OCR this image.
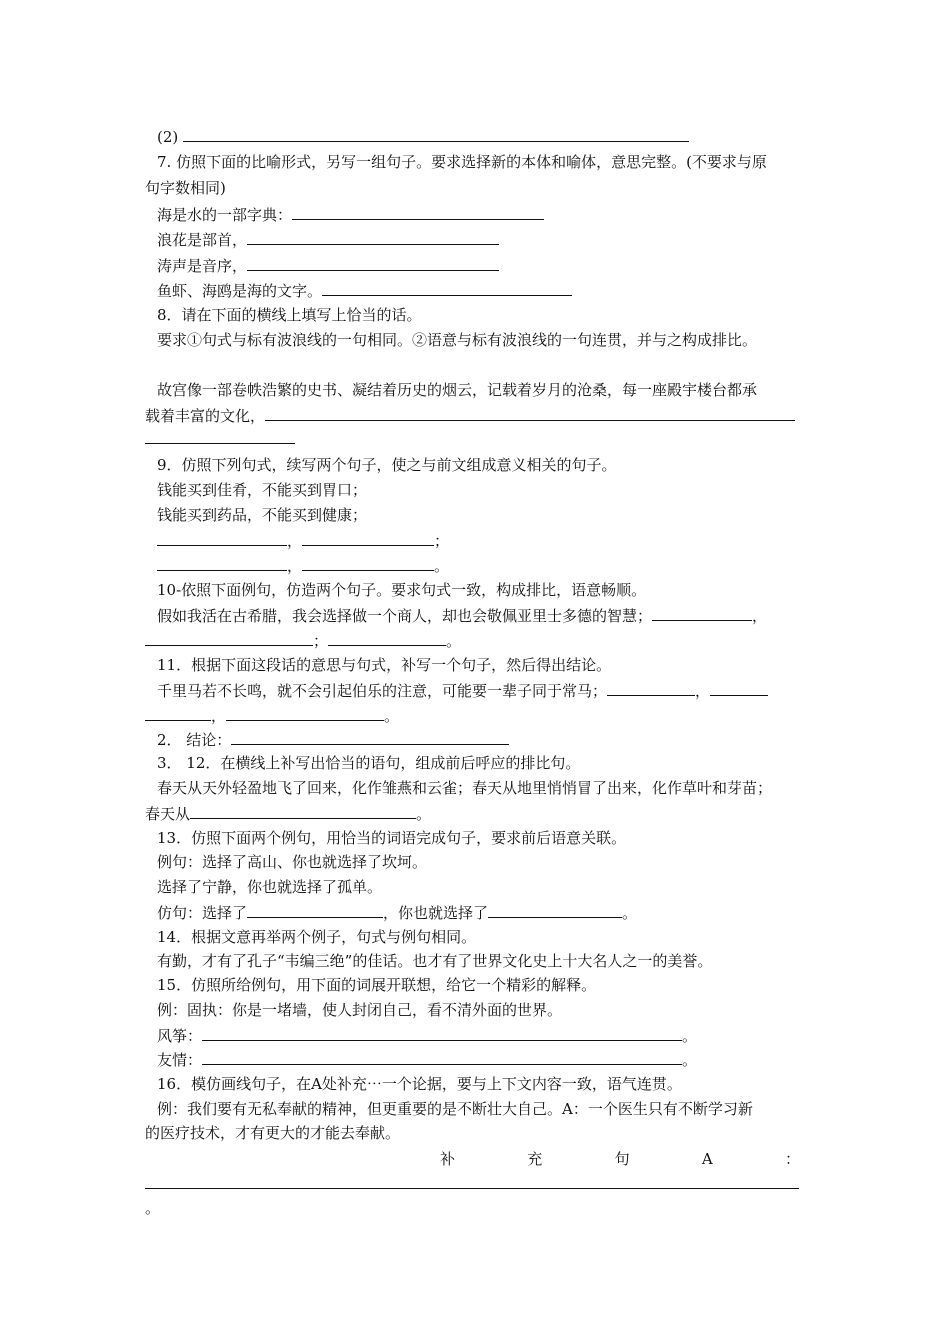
(2)
7. 仿照下面的比喻形式，另写一组句子。要求选择新的本体和喻体，意思完整。(不要求与原
句字数相同)
海是水的一部字典：
浪花是部首，
涛声是音序，
鱼虾、海鸥是海的文字。
8．请在下面的横线上填写上恰当的话。
要求①句式与标有波浪线的一句相同。②语意与标有波浪线的一句连贯，并与之构成排比。
故宫像一部卷帙浩繁的史书、凝结着历史的烟云，记载着岁月的沧桑，每一座殿宇楼台都承
载着丰富的文化，
9．仿照下列句式，续写两个句子，使之与前文组成意义相关的句子。
钱能买到佳肴，不能买到胃口；
钱能买到药品，不能买到健康；
，	；
，	。
10-依照下面例句，仿造两个句子。要求句式一致，构成排比，语意畅顺。
假如我活在古希腊，我会选择做一个商人，却也会敬佩亚里士多德的智慧；	，
；	。
11．根据下面这段话的意思与句式，补写一个句子，然后得出结论。
千里马若不长鸣，就不会引起伯乐的注意，可能要一辈子同于常马；	，
，	。
2． 结论：
3． 12．在横线上补写出恰当的语句，组成前后呼应的排比句。
春天从天外轻盈地飞了回来，化作雏燕和云雀；春天从地里悄悄冒了出来，化作草叶和芽苗；
春天从	。
13．仿照下面两个例句，用恰当的词语完成句子，要求前后语意关联。
例句：选择了高山、你也就选择了坎坷。
选择了宁静，你也就选择了孤单。
仿句：选择了	，你也就选择了	。
14．根据文意再举两个例子，句式与例句相同。
有勤，才有了孔子“韦编三绝”的佳话。也才有了世界文化史上十大名人之一的美誉。
15．仿照所给例句，用下面的词展开联想，给它一个精彩的解释。
例：固执：你是一堵墙，使人封闭自己，看不清外面的世界。
风筝：	。
友情：	。
16．模仿画线句子，在A处补充⋯一个论据，要与上下文内容一致，语气连贯。
例：我们要有无私奉献的精神，但更重要的是不断壮大自己。A：一个医生只有不断学习新
的医疗技术，才有更大的才能去奉献。
补	充	句	A	：
。
